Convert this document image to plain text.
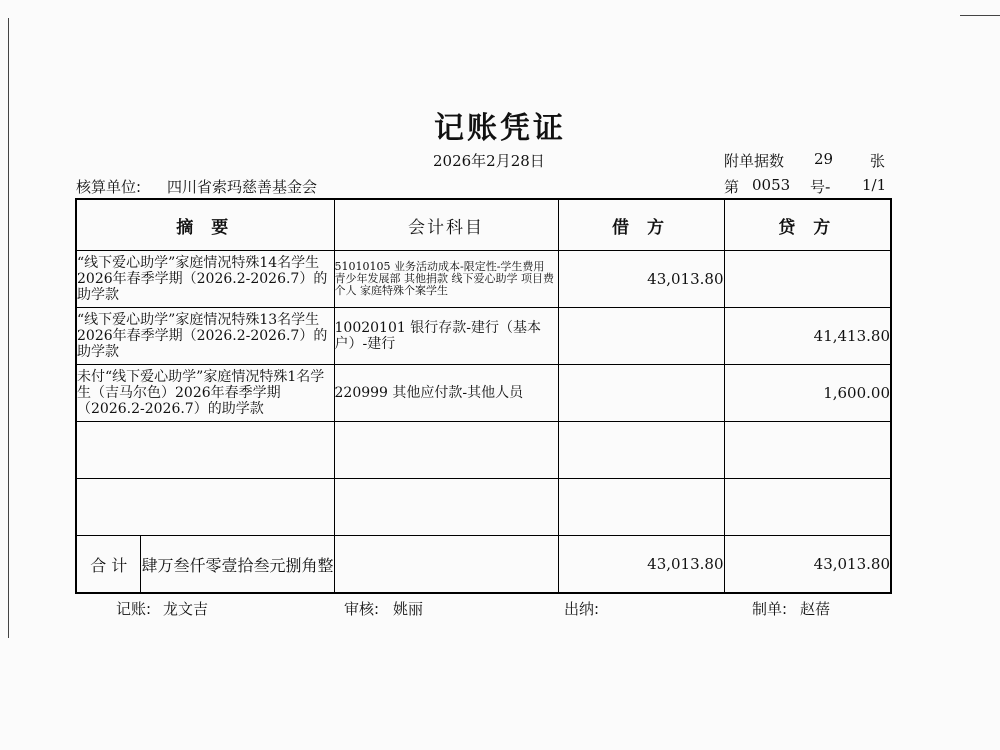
记账凭证
2026年2月28日	附单据数 29 张
核算单位: 四川省索玛慈善基金会	第 0053 号- 1/1
摘 要	会计科目	借 方	贷 方
“线下爱心助学”家庭情况特殊14名学生2026年春季学期（2026.2-2026.7）的助学款	51010105 业务活动成本-限定性-学生费用 青少年发展部 其他捐款 线下爱心助学 项目费 个人 家庭特殊个案学生	43,013.80	
“线下爱心助学”家庭情况特殊13名学生2026年春季学期（2026.2-2026.7）的助学款	10020101 银行存款-建行（基本户）-建行		41,413.80
未付“线下爱心助学”家庭情况特殊1名学生（吉马尔色）2026年春季学期（2026.2-2026.7）的助学款	220999 其他应付款-其他人员		1,600.00

合 计 肆万叁仟零壹拾叁元捌角整		43,013.80	43,013.80
记账: 龙文吉	审核: 姚丽	出纳:	制单: 赵蓓
